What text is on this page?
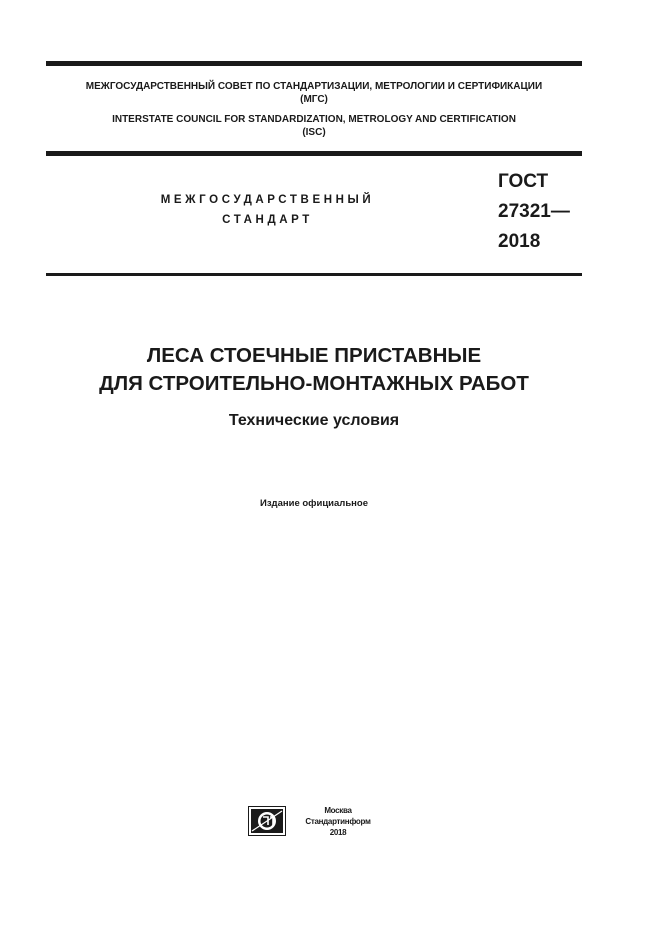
МЕЖГОСУДАРСТВЕННЫЙ СОВЕТ ПО СТАНДАРТИЗАЦИИ, МЕТРОЛОГИИ И СЕРТИФИКАЦИИ
(МГС)

INTERSTATE COUNCIL FOR STANDARDIZATION, METROLOGY AND CERTIFICATION
(ISC)

МЕЖГОСУДАРСТВЕННЫЙ
СТАНДАРТ

ГОСТ
27321—
2018

ЛЕСА СТОЕЧНЫЕ ПРИСТАВНЫЕ
ДЛЯ СТРОИТЕЛЬНО-МОНТАЖНЫХ РАБОТ
Технические условия

Издание официальное

Москва
Стандартинформ
2018
